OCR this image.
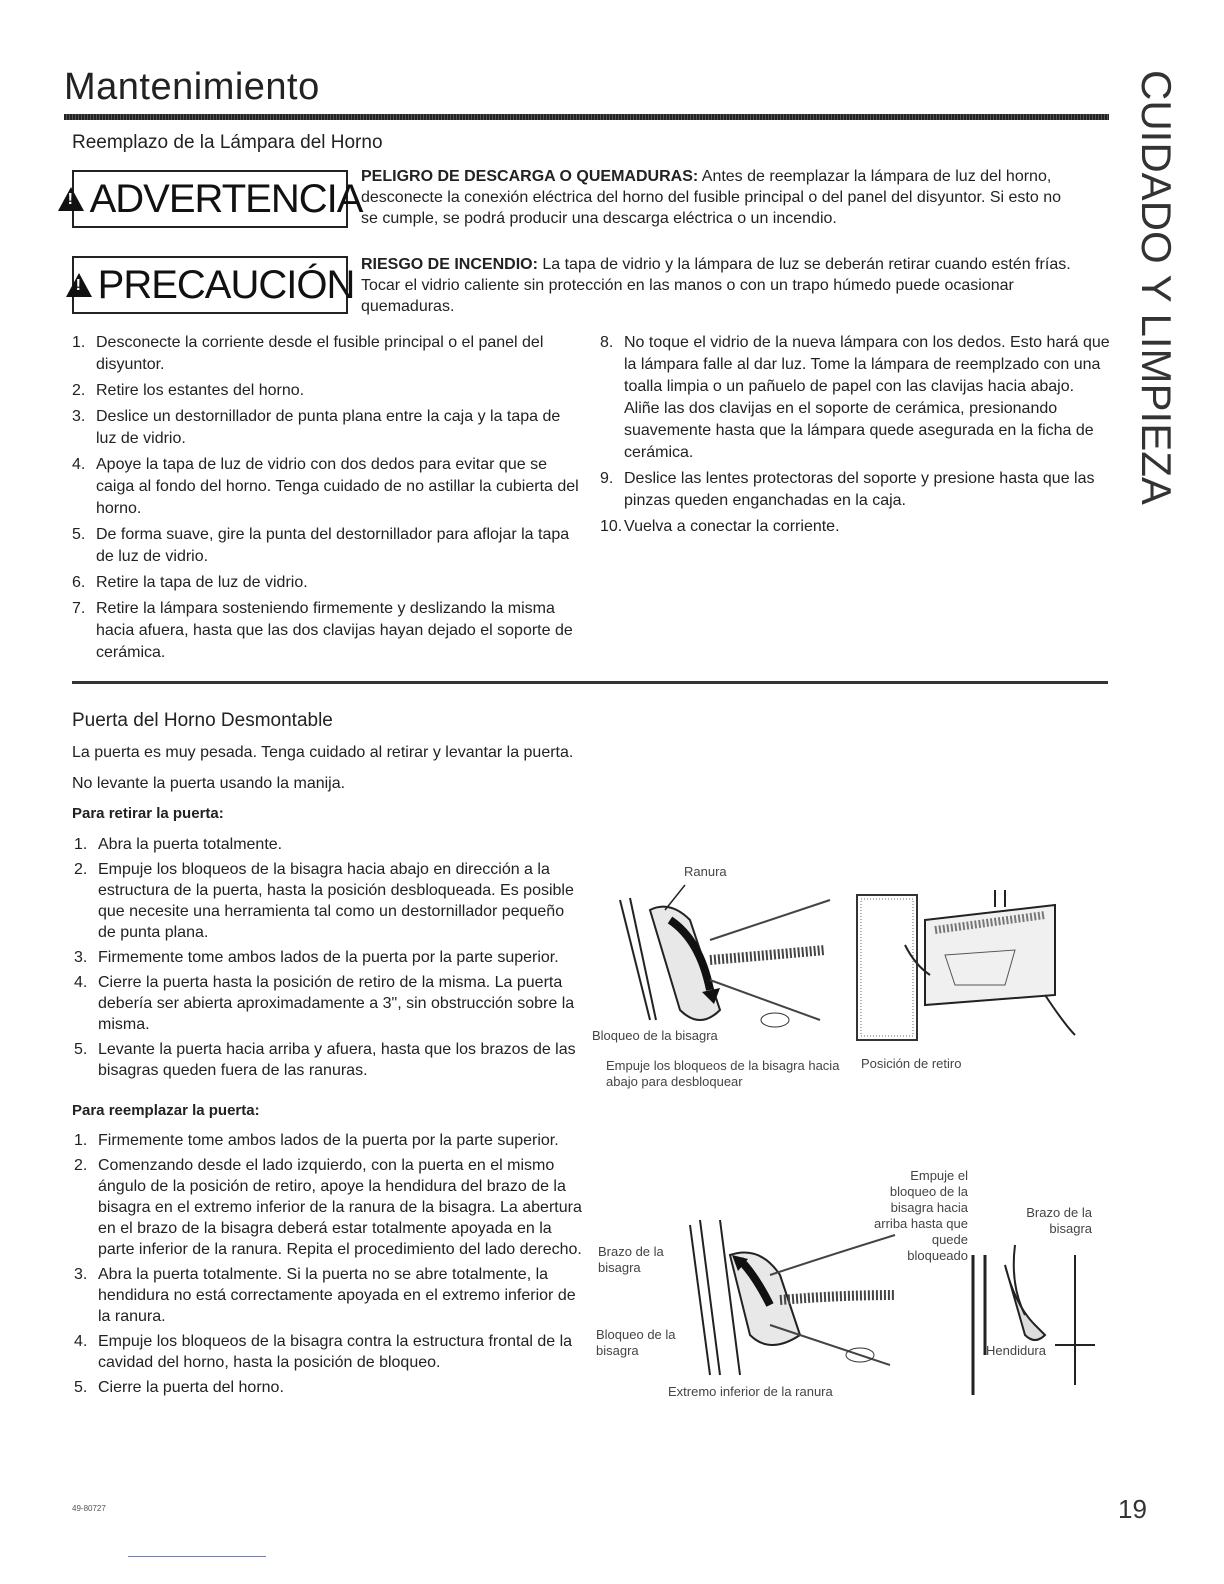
Mantenimiento	CUIDADO Y LIMPIEZA
Reemplazo de la Lámpara del Horno
!
ADVERTENCIA
PELIGRO DE DESCARGA O QUEMADURAS: Antes de reemplazar la lámpara de luz del horno, desconecte la conexión eléctrica del horno del fusible principal o del panel del disyuntor. Si esto no se cumple, se podrá producir una descarga eléctrica o un incendio.
!
PRECAUCIÓN RIESGO DE INCENDIO: La tapa de vidrio y la lámpara de luz se deberán retirar cuando estén frías. Tocar el vidrio caliente sin protección en las manos o con un trapo húmedo puede ocasionar quemaduras.
1. Desconecte la corriente desde el fusible principal o el panel del disyuntor.
2. Retire los estantes del horno.
3. Deslice un destornillador de punta plana entre la caja y la tapa de luz de vidrio.
4. Apoye la tapa de luz de vidrio con dos dedos para evitar que se caiga al fondo del horno. Tenga cuidado de no astillar la cubierta del horno.
5. De forma suave, gire la punta del destornillador para aflojar la tapa de luz de vidrio.
6. Retire la tapa de luz de vidrio.
7. Retire la lámpara sosteniendo firmemente y deslizando la misma hacia afuera, hasta que las dos clavijas hayan dejado el soporte de cerámica.
8. No toque el vidrio de la nueva lámpara con los dedos. Esto hará que la lámpara falle al dar luz. Tome la lámpara de reemplzado con una toalla limpia o un pañuelo de papel con las clavijas hacia abajo. Aliñe las dos clavijas en el soporte de cerámica, presionando suavemente hasta que la lámpara quede asegurada en la ficha de cerámica.
9. Deslice las lentes protectoras del soporte y presione hasta que las pinzas queden enganchadas en la caja.
10. Vuelva a conectar la corriente.
Puerta del Horno Desmontable
La puerta es muy pesada. Tenga cuidado al retirar y levantar la puerta.
No levante la puerta usando la manija.
Para retirar la puerta:
1. Abra la puerta totalmente.
2. Empuje los bloqueos de la bisagra hacia abajo en dirección a la estructura de la puerta, hasta la posición desbloqueada. Es posible que necesite una herramienta tal como un destornillador pequeño de punta plana.
3. Firmemente tome ambos lados de la puerta por la parte superior.
4. Cierre la puerta hasta la posición de retiro de la misma. La puerta debería ser abierta aproximadamente a 3", sin obstrucción sobre la misma.
5. Levante la puerta hacia arriba y afuera, hasta que los brazos de las bisagras queden fuera de las ranuras.
Para reemplazar la puerta:
1. Firmemente tome ambos lados de la puerta por la parte superior.
2. Comenzando desde el lado izquierdo, con la puerta en el mismo ángulo de la posición de retiro, apoye la hendidura del brazo de la bisagra en el extremo inferior de la ranura de la bisagra. La abertura en el brazo de la bisagra deberá estar totalmente apoyada en la parte inferior de la ranura. Repita el procedimiento del lado derecho.
3. Abra la puerta totalmente. Si la puerta no se abre totalmente, la hendidura no está correctamente apoyada en el extremo inferior de la ranura.
4. Empuje los bloqueos de la bisagra contra la estructura frontal de la cavidad del horno, hasta la posición de bloqueo.
5. Cierre la puerta del horno.
Ranura
Bloqueo de la bisagra
Empuje los bloqueos de la bisagra hacia abajo para desbloquear
Posición de retiro
Brazo de la bisagra
Bloqueo de la bisagra
Extremo inferior de la ranura
Empuje el bloqueo de la bisagra hacia arriba hasta que quede bloqueado
Brazo de la bisagra
Hendidura
49-80727	19
